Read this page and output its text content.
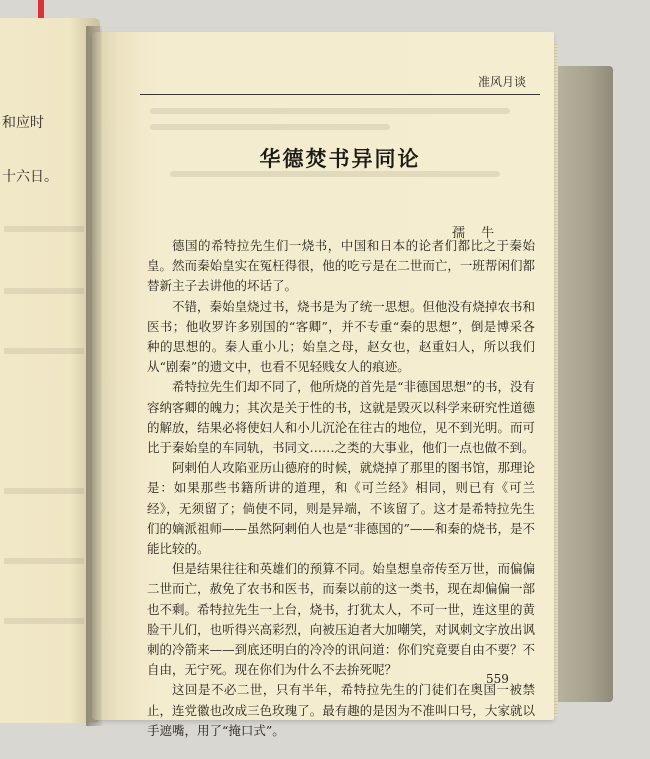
和应时
十六日。
准风月谈
华德焚书异同论
孺 牛

德国的希特拉先生们一烧书，中国和日本的论者们都比之于秦始皇。然而秦始皇实在冤枉得很，他的吃亏是在二世而亡，一班帮闲们都替新主子去讲他的坏话了。

不错，秦始皇烧过书，烧书是为了统一思想。但他没有烧掉农书和医书；他收罗许多别国的“客卿”，并不专重“秦的思想”，倒是博采各种的思想的。秦人重小儿；始皇之母，赵女也，赵重妇人，所以我们从“剧秦”的遗文中，也看不见轻贱女人的痕迹。

希特拉先生们却不同了，他所烧的首先是“非德国思想”的书，没有容纳客卿的魄力；其次是关于性的书，这就是毁灭以科学来研究性道德的解放，结果必将使妇人和小儿沉沦在往古的地位，见不到光明。而可比于秦始皇的车同轨，书同文……之类的大事业，他们一点也做不到。

阿剌伯人攻陷亚历山德府的时候，就烧掉了那里的图书馆，那理论是：如果那些书籍所讲的道理，和《可兰经》相同，则已有《可兰经》，无须留了；倘使不同，则是异端，不该留了。这才是希特拉先生们的嫡派祖师——虽然阿剌伯人也是“非德国的”——和秦的烧书，是不能比较的。

但是结果往往和英雄们的预算不同。始皇想皇帝传至万世，而偏偏二世而亡，赦免了农书和医书，而秦以前的这一类书，现在却偏偏一部也不剩。希特拉先生一上台，烧书，打犹太人，不可一世，连这里的黄脸干儿们，也听得兴高彩烈，向被压迫者大加嘲笑，对讽刺文字放出讽刺的冷箭来——到底还明白的冷冷的讯问道：你们究竟要自由不要？不自由，无宁死。现在你们为什么不去拚死呢？

这回是不必二世，只有半年，希特拉先生的门徒们在奥国一被禁止，连党徽也改成三色玫瑰了。最有趣的是因为不准叫口号，大家就以手遮嘴，用了“掩口式”。

559
